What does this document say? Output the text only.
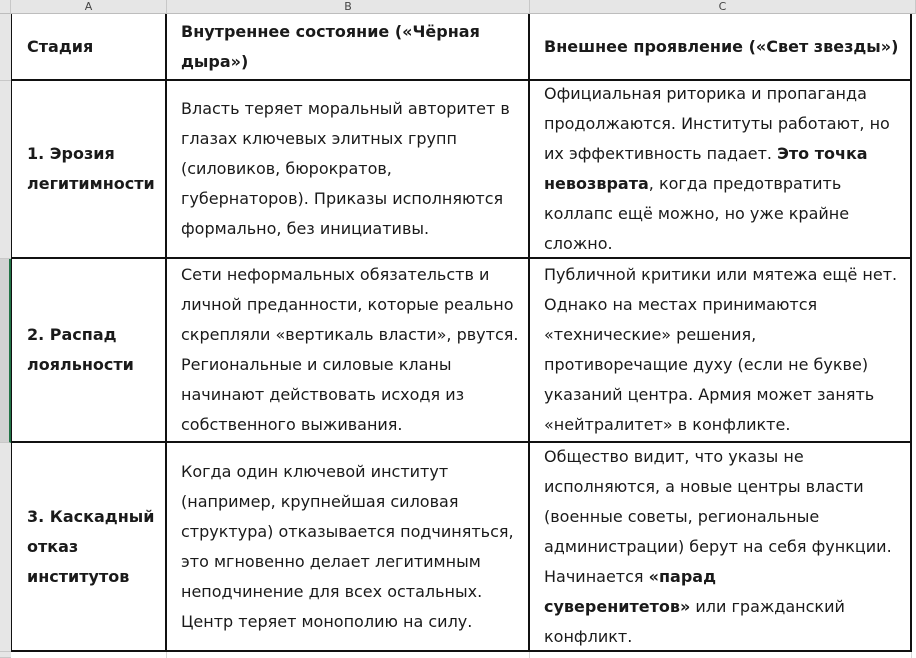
A	B	C
Стадия
Внутреннее состояние («Чёрная
дыра»)
Внешнее проявление («Свет звезды»)
1. Эрозия
легитимности
Власть теряет моральный авторитет в
глазах ключевых элитных групп
(силовиков, бюрократов,
губернаторов). Приказы исполняются
формально, без инициативы.
Официальная риторика и пропаганда
продолжаются. Институты работают, но
их эффективность падает. Это точка
невозврата, когда предотвратить
коллапс ещё можно, но уже крайне
сложно.
2. Распад
лояльности
Сети неформальных обязательств и
личной преданности, которые реально
скрепляли «вертикаль власти», рвутся.
Региональные и силовые кланы
начинают действовать исходя из
собственного выживания.
Публичной критики или мятежа ещё нет.
Однако на местах принимаются
«технические» решения,
противоречащие духу (если не букве)
указаний центра. Армия может занять
«нейтралитет» в конфликте.
3. Каскадный
отказ
институтов
Когда один ключевой институт
(например, крупнейшая силовая
структура) отказывается подчиняться,
это мгновенно делает легитимным
неподчинение для всех остальных.
Центр теряет монополию на силу.
Общество видит, что указы не
исполняются, а новые центры власти
(военные советы, региональные
администрации) берут на себя функции.
Начинается «парад
суверенитетов» или гражданский
конфликт.
